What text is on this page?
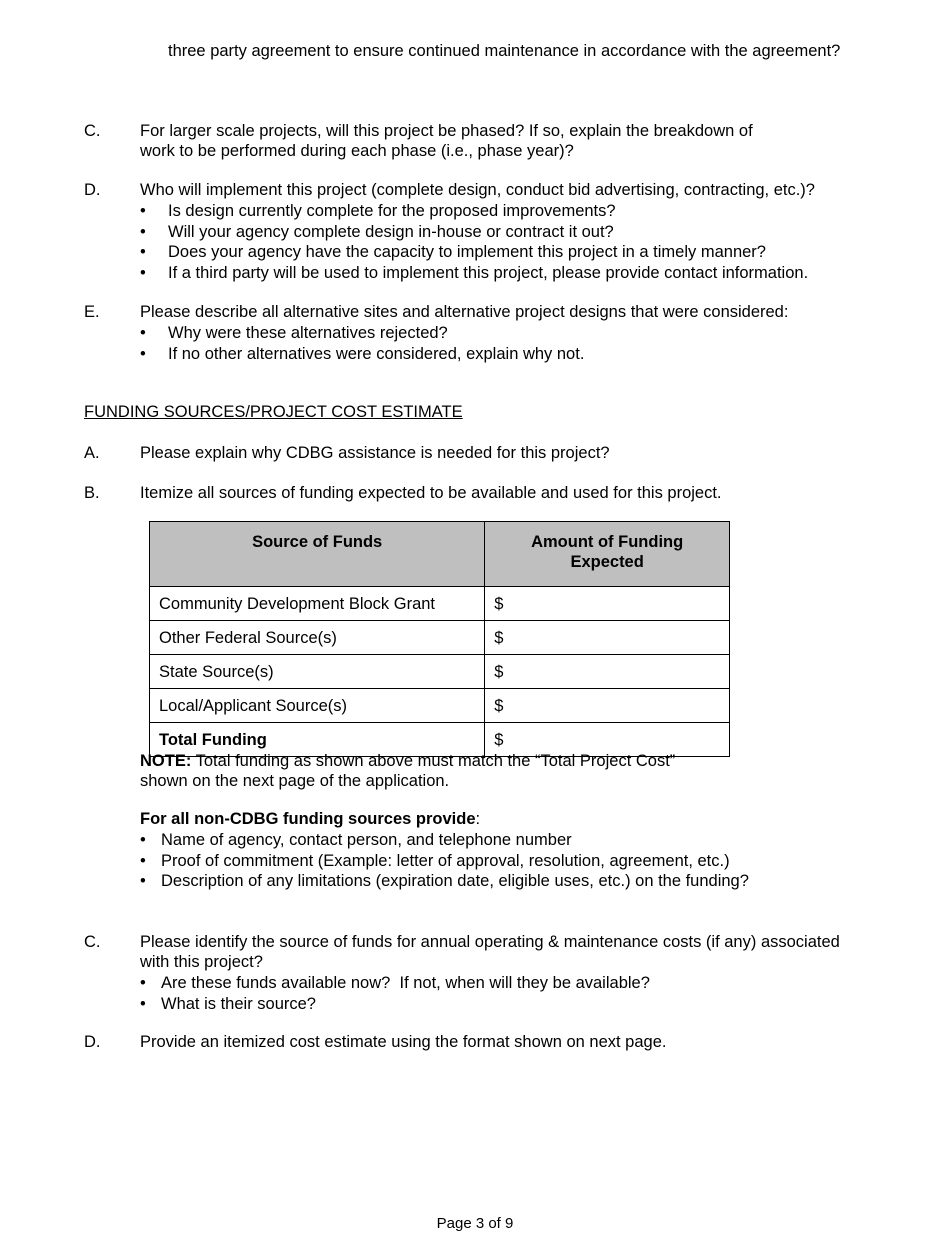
three party agreement to ensure continued maintenance in accordance with the agreement?
C. For larger scale projects, will this project be phased? If so, explain the breakdown of
work to be performed during each phase (i.e., phase year)?
D. Who will implement this project (complete design, conduct bid advertising, contracting, etc.)?
• Is design currently complete for the proposed improvements?
• Will your agency complete design in-house or contract it out?
• Does your agency have the capacity to implement this project in a timely manner?
• If a third party will be used to implement this project, please provide contact information.
E. Please describe all alternative sites and alternative project designs that were considered:
• Why were these alternatives rejected?
• If no other alternatives were considered, explain why not.
FUNDING SOURCES/PROJECT COST ESTIMATE
A. Please explain why CDBG assistance is needed for this project?
B. Itemize all sources of funding expected to be available and used for this project.
Source of Funds	Amount of Funding Expected
Community Development Block Grant	$
Other Federal Source(s)	$
State Source(s)	$
Local/Applicant Source(s)	$
Total Funding	$
NOTE: Total funding as shown above must match the “Total Project Cost”
shown on the next page of the application.
For all non-CDBG funding sources provide:
• Name of agency, contact person, and telephone number
• Proof of commitment (Example: letter of approval, resolution, agreement, etc.)
• Description of any limitations (expiration date, eligible uses, etc.) on the funding?
C. Please identify the source of funds for annual operating & maintenance costs (if any) associated
with this project?
• Are these funds available now?  If not, when will they be available?
• What is their source?
D. Provide an itemized cost estimate using the format shown on next page.
Page 3 of 9
